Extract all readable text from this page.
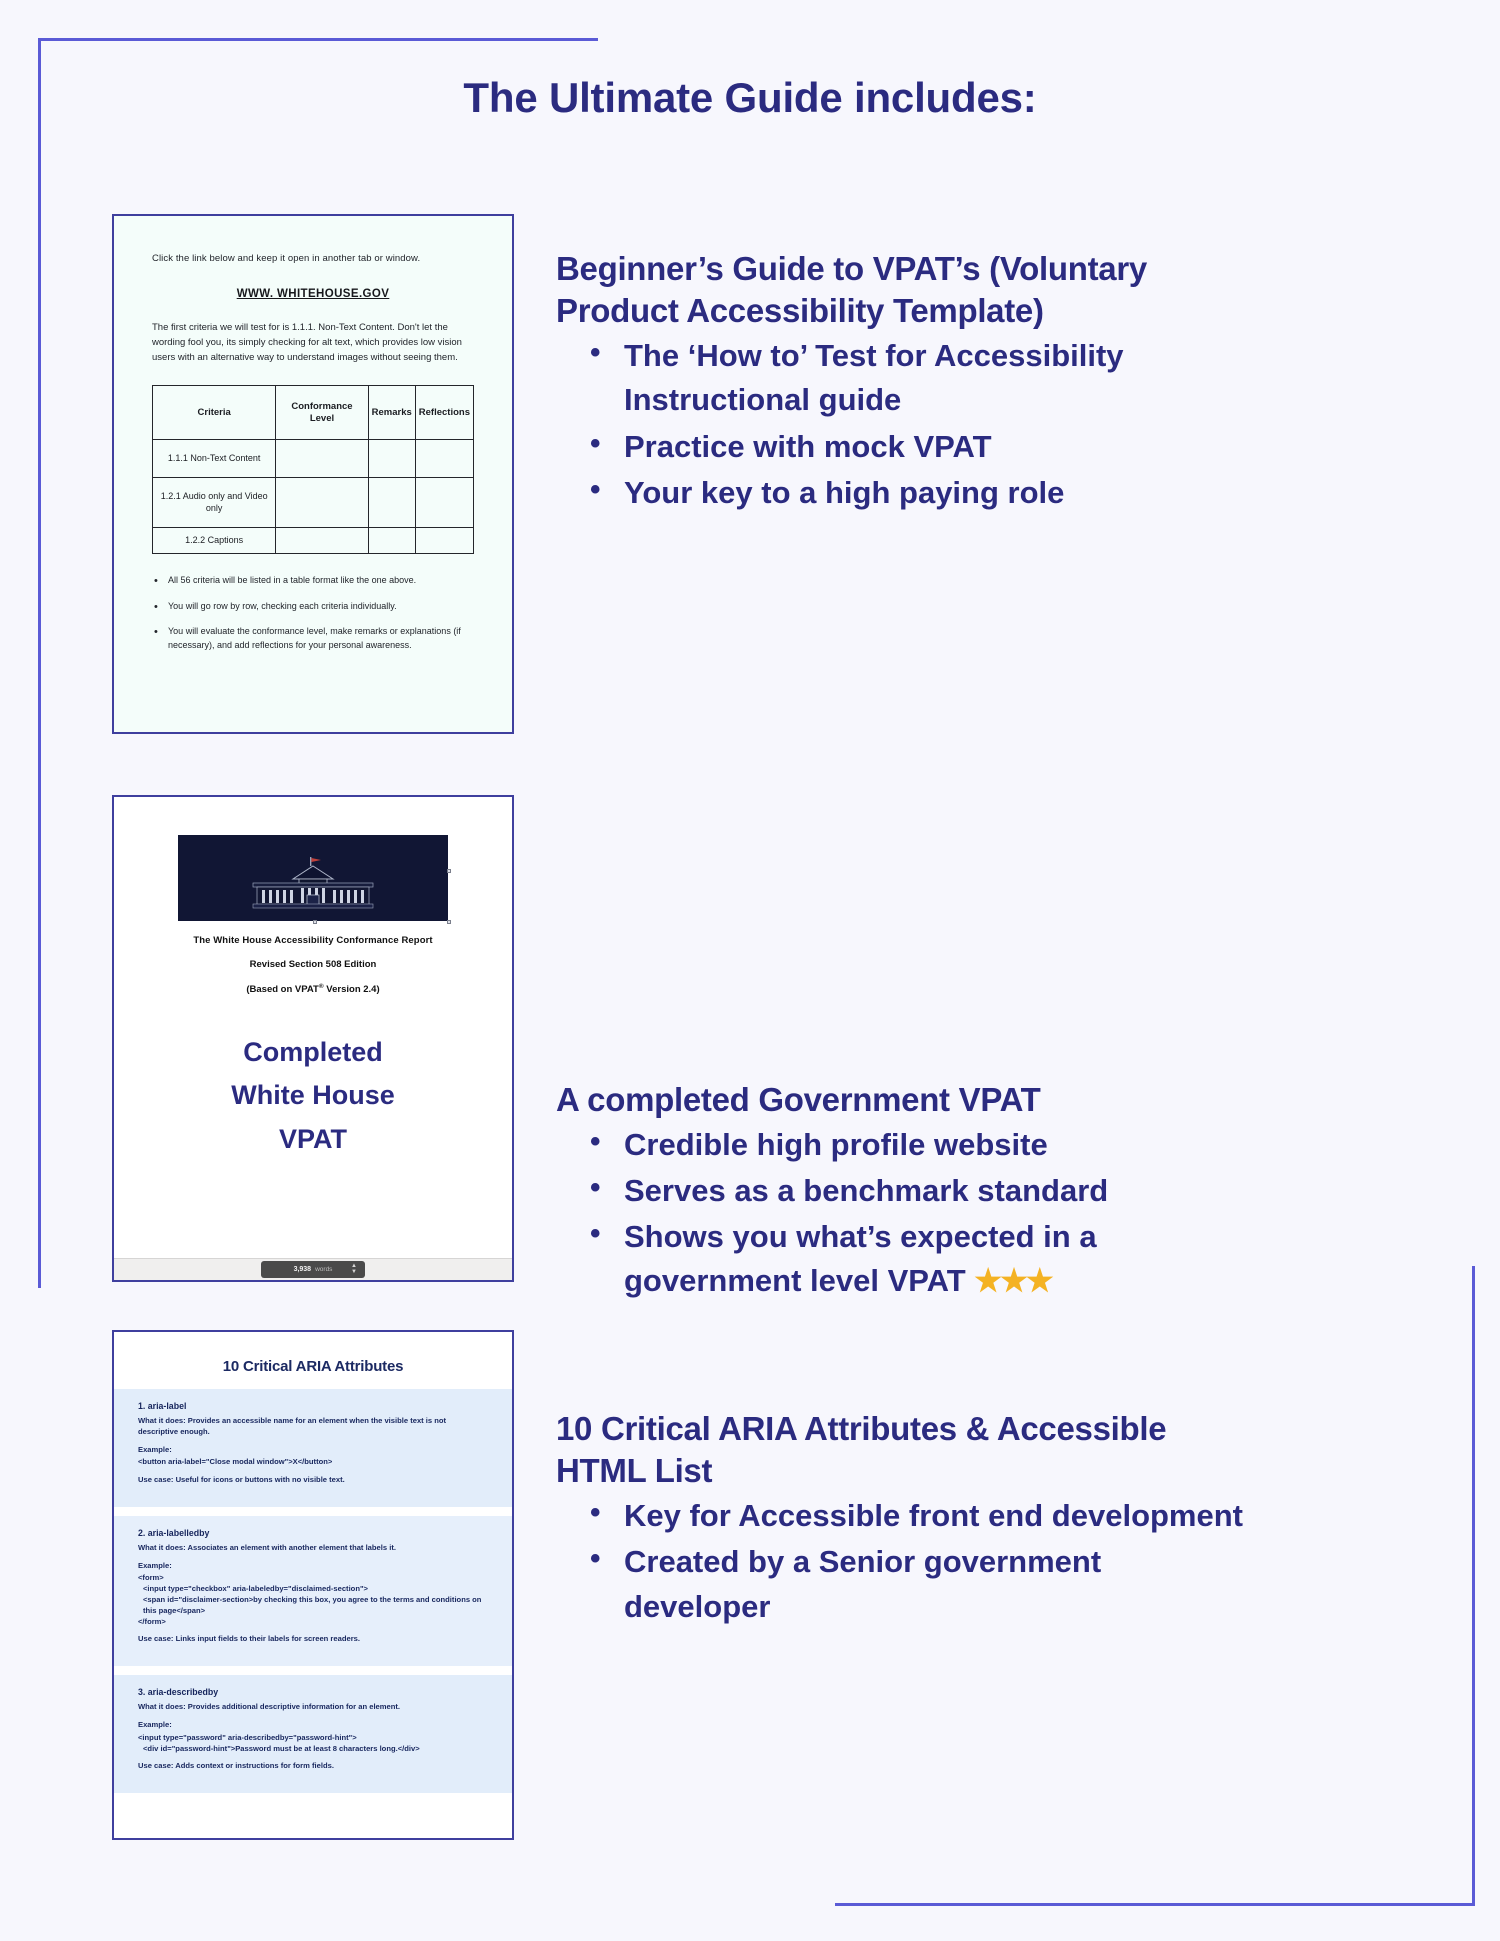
The Ultimate Guide includes:
Click the link below and keep it open in another tab or window.
WWW. WHITEHOUSE.GOV
The first criteria we will test for is 1.1.1. Non-Text Content. Don't let the wording fool you, its simply checking for alt text, which provides low vision users with an alternative way to understand images without seeing them.
Criteria	Conformance Level	Remarks	Reflections
1.1.1 Non-Text Content			
1.2.1 Audio only and Video only			
1.2.2 Captions			
• All 56 criteria will be listed in a table format like the one above.
• You will go row by row, checking each criteria individually.
• You will evaluate the conformance level, make remarks or explanations (if necessary), and add reflections for your personal awareness.
Beginner’s Guide to VPAT’s (Voluntary Product Accessibility Template)
• The ‘How to’ Test for Accessibility Instructional guide
• Practice with mock VPAT
• Your key to a high paying role
The White House Accessibility Conformance Report
Revised Section 508 Edition
(Based on VPAT® Version 2.4)
Completed
White House
VPAT
3,938 words	▲
▼
A completed Government VPAT
• Credible high profile website
• Serves as a benchmark standard
• Shows you what’s expected in a government level VPAT ★★★
10 Critical ARIA Attributes
1. aria-label
What it does: Provides an accessible name for an element when the visible text is not descriptive enough.
Example:
<button aria-label="Close modal window">X</button>
Use case: Useful for icons or buttons with no visible text.
2. aria-labelledby
What it does: Associates an element with another element that labels it.
Example:
<form>
<input type="checkbox" aria-labeledby="disclaimed-section">
<span id="disclaimer-section>by checking this box, you agree to the terms and conditions on this page</span>
</form>
Use case: Links input fields to their labels for screen readers.
3. aria-describedby
What it does: Provides additional descriptive information for an element.
Example:
<input type="password" aria-describedby="password-hint">
<div id="password-hint">Password must be at least 8 characters long.</div>
Use case: Adds context or instructions for form fields.
10 Critical ARIA Attributes & Accessible HTML List
• Key for Accessible front end development
• Created by a Senior government developer
